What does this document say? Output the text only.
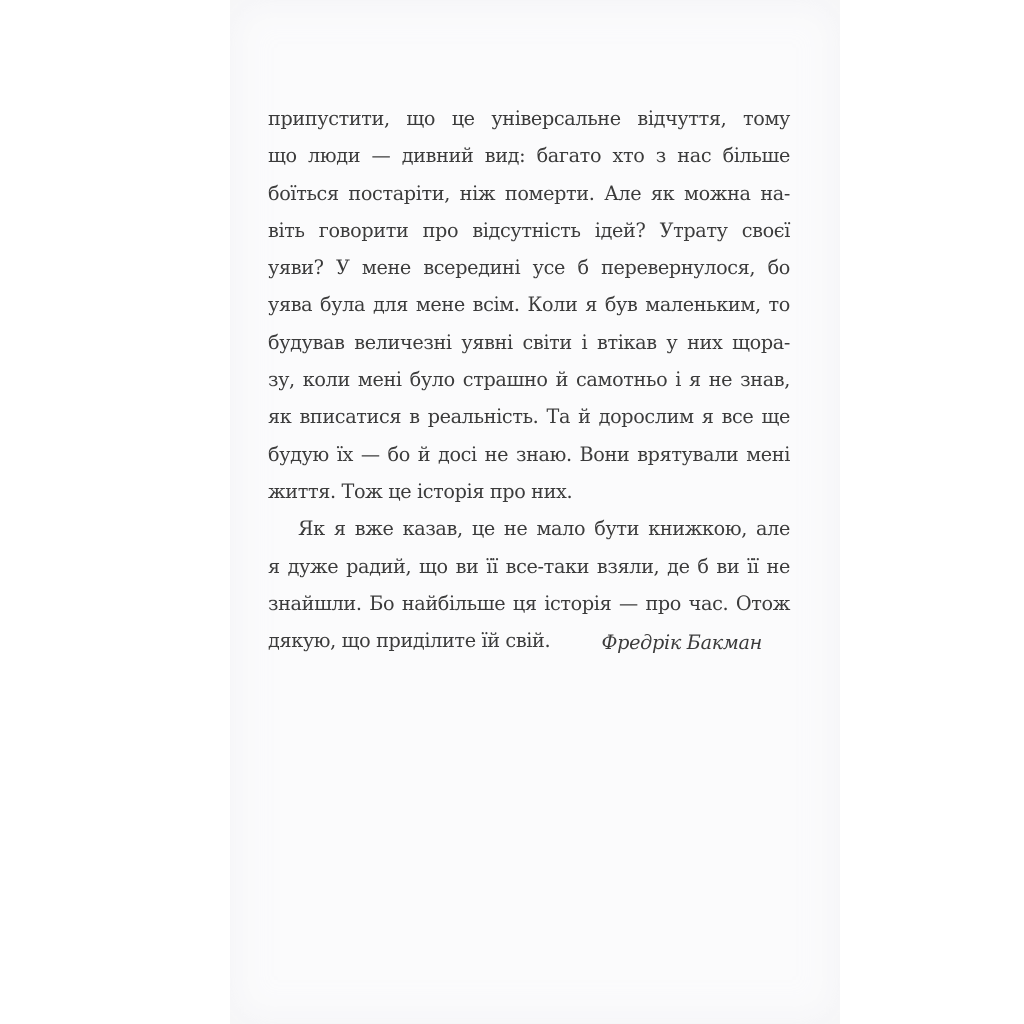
припустити, що це універсальне відчуття, тому
що люди — дивний вид: багато хто з нас більше
боїться постаріти, ніж померти. Але як можна на-
віть говорити про відсутність ідей? Утрату своєї
уяви? У мене всередині усе б перевернулося, бо
уява була для мене всім. Коли я був маленьким, то
будував величезні уявні світи і втікав у них щора-
зу, коли мені було страшно й самотньо і я не знав,
як вписатися в реальність. Та й дорослим я все ще
будую їх — бо й досі не знаю. Вони врятували мені
життя. Тож це історія про них.
Як я вже казав, це не мало бути книжкою, але
я дуже радий, що ви її все-таки взяли, де б ви її не
знайшли. Бо найбільше ця історія — про час. Отож
дякую, що приділите їй свій.	Фредрік Бакман
